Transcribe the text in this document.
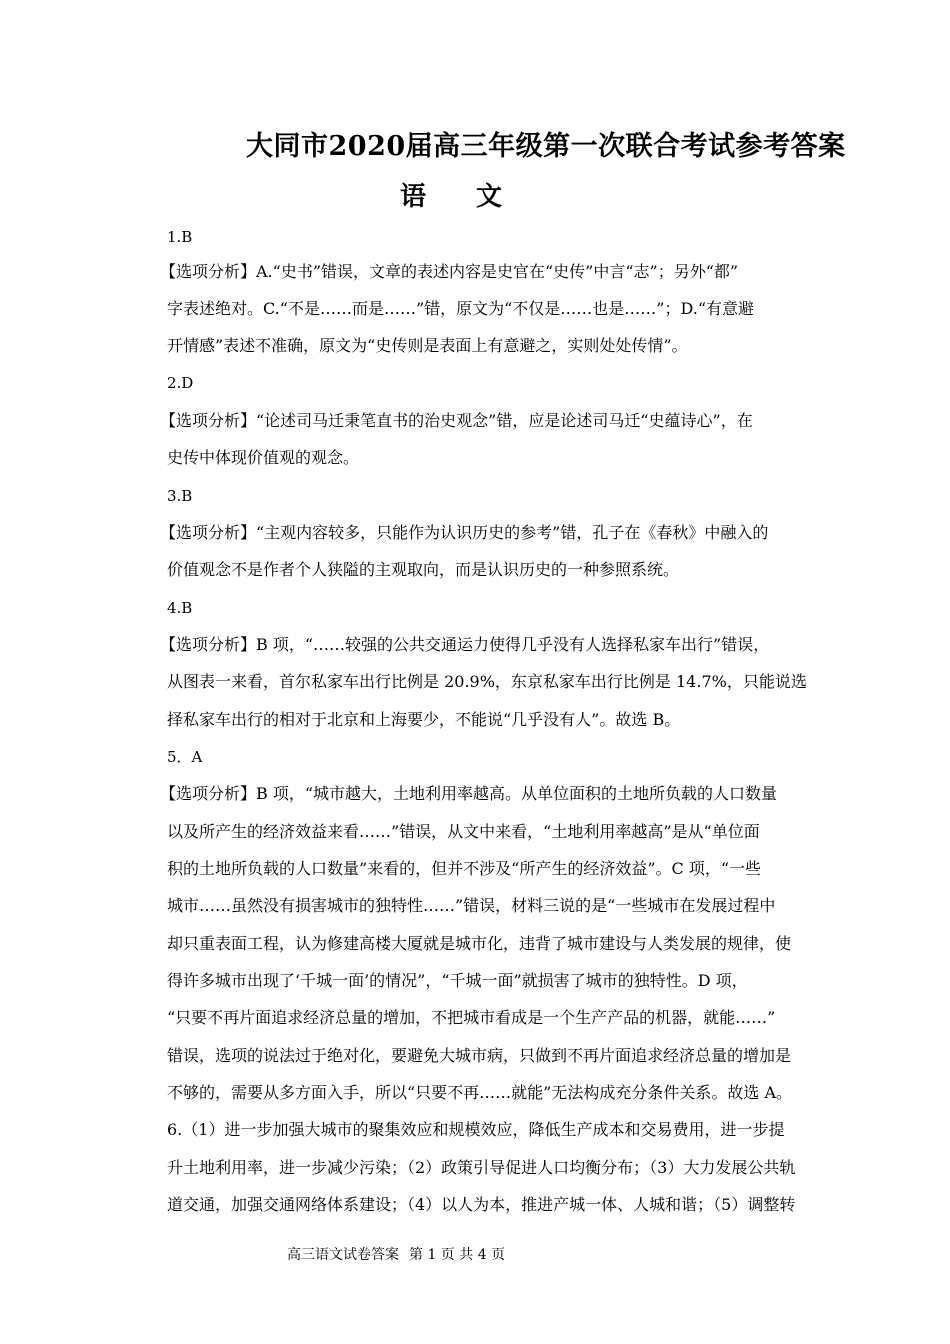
大同市2020届高三年级第一次联合考试参考答案
语 文
1.B
【选项分析】A.“史书”错误，文章的表述内容是史官在“史传”中言“志”；另外“都”
字表述绝对。C.“不是……而是……”错，原文为“不仅是……也是……”；D.“有意避
开情感”表述不准确，原文为“史传则是表面上有意避之，实则处处传情”。
2.D
【选项分析】“论述司马迁秉笔直书的治史观念”错，应是论述司马迁“史蕴诗心”，在
史传中体现价值观的观念。
3.B
【选项分析】“主观内容较多，只能作为认识历史的参考”错，孔子在《春秋》中融入的
价值观念不是作者个人狭隘的主观取向，而是认识历史的一种参照系统。
4.B
【选项分析】B 项，“……较强的公共交通运力使得几乎没有人选择私家车出行”错误，
从图表一来看，首尔私家车出行比例是 20.9%，东京私家车出行比例是 14.7%，只能说选
择私家车出行的相对于北京和上海要少，不能说“几乎没有人”。故选 B。
5．A
【选项分析】B 项，“城市越大，土地利用率越高。从单位面积的土地所负载的人口数量
以及所产生的经济效益来看……”错误，从文中来看，“土地利用率越高”是从“单位面
积的土地所负载的人口数量”来看的，但并不涉及“所产生的经济效益”。C 项，“一些
城市……虽然没有损害城市的独特性……”错误，材料三说的是“一些城市在发展过程中
却只重表面工程，认为修建高楼大厦就是城市化，违背了城市建设与人类发展的规律，使
得许多城市出现了‘千城一面’的情况”，“千城一面”就损害了城市的独特性。D 项，
“只要不再片面追求经济总量的增加，不把城市看成是一个生产产品的机器，就能……”
错误，选项的说法过于绝对化，要避免大城市病，只做到不再片面追求经济总量的增加是
不够的，需要从多方面入手，所以“只要不再……就能”无法构成充分条件关系。故选 A。
6.（1）进一步加强大城市的聚集效应和规模效应，降低生产成本和交易费用，进一步提
升土地利用率，进一步减少污染；（2）政策引导促进人口均衡分布；（3）大力发展公共轨
道交通，加强交通网络体系建设；（4）以人为本，推进产城一体、人城和谐；（5）调整转
高三语文试卷答案 第 1 页 共 4 页
